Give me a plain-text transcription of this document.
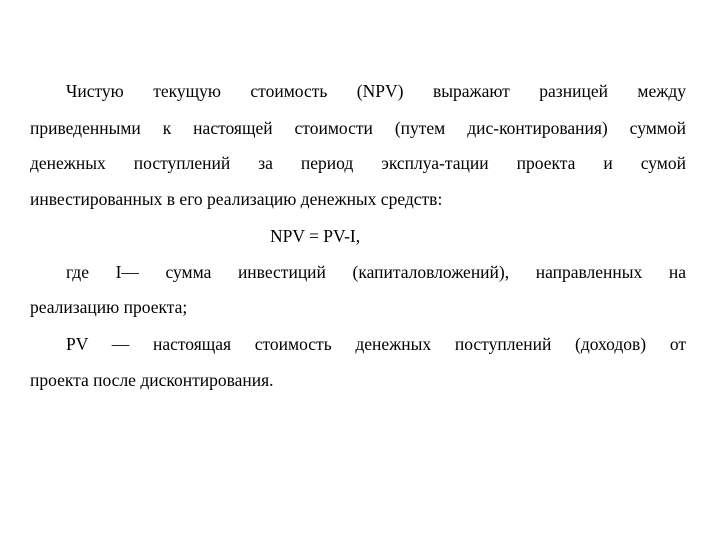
Чистую текущую стоимость (NPV) выражают разницей между
приведенными к настоящей стоимости (путем дис-контирования) суммой
денежных поступлений за период эксплуа-тации проекта и сумой
инвестированных в его реализацию денежных средств:
NPV = PV-I,
где I— сумма инвестиций (капиталовложений), направленных на
реализацию проекта;
PV — настоящая стоимость денежных поступлений (доходов) от
проекта после дисконтирования.
